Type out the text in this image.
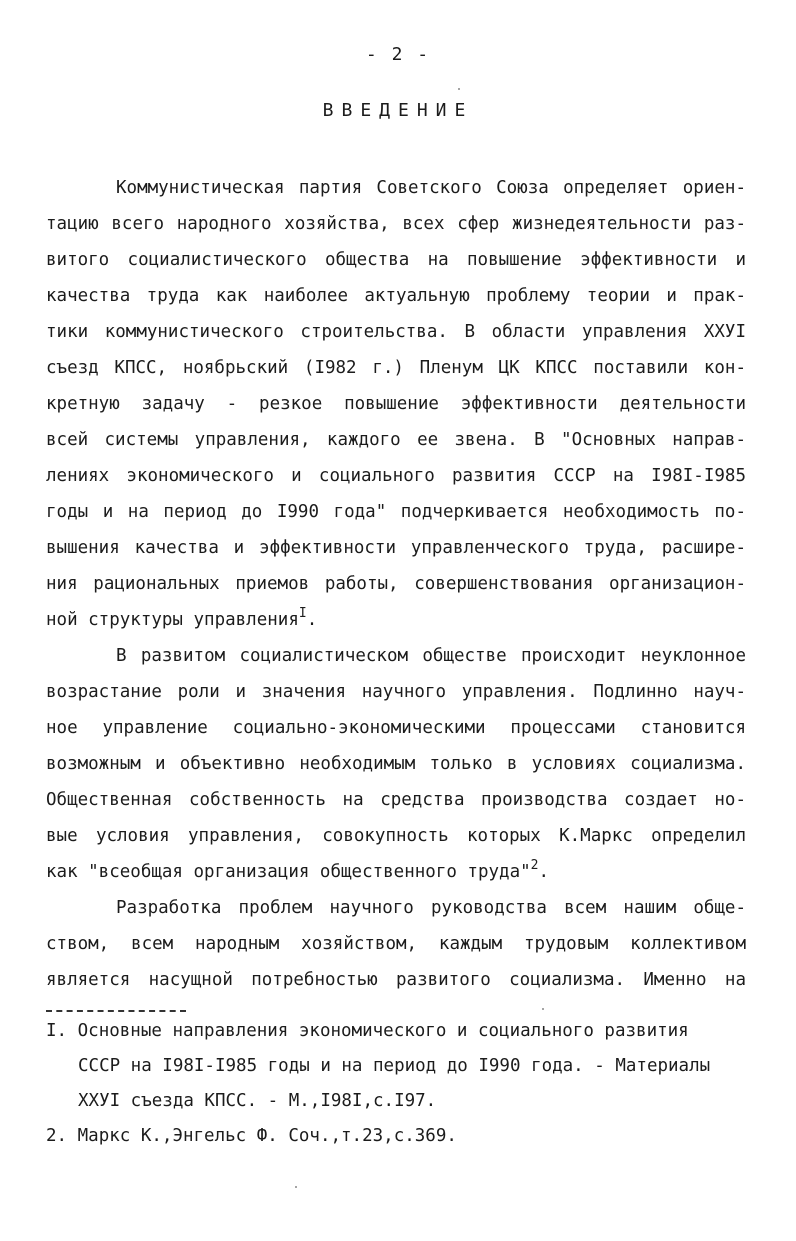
- 2 -
ВВЕДЕНИЕ
Коммунистическая партия Советского Союза определяет ориен-
тацию всего народного хозяйства, всех сфер жизнедеятельности раз-
витого социалистического общества на повышение эффективности и
качества труда как наиболее актуальную проблему теории и прак-
тики коммунистического строительства. В области управления ХХУI
съезд КПСС, ноябрьский (I982 г.) Пленум ЦК КПСС поставили кон-
кретную задачу - резкое повышение эффективности деятельности
всей системы управления, каждого ее звена. В "Основных направ-
лениях экономического и социального развития СССР на I98I-I985
годы и на период до I990 года" подчеркивается необходимость по-
вышения качества и эффективности управленческого труда, расшире-
ния рациональных приемов работы, совершенствования организацион-
ной структуры управления$^I$.
В развитом социалистическом обществе происходит неуклонное
возрастание роли и значения научного управления. Подлинно науч-
ное управление социально-экономическими процессами становится
возможным и объективно необходимым только в условиях социализма.
Общественная собственность на средства производства создает но-
вые условия управления, совокупность которых К.Маркс определил
как "всеобщая организация общественного труда"$^2$.
Разработка проблем научного руководства всем нашим обще-
ством, всем народным хозяйством, каждым трудовым коллективом
является насущной потребностью развитого социализма. Именно на
I. Основные направления экономического и социального развития
СССР на I98I-I985 годы и на период до I990 года. - Материалы
ХХУI съезда КПСС. - М.,I98I,с.I97.
2. Маркс К.,Энгельс Ф. Соч.,т.23,с.369.
